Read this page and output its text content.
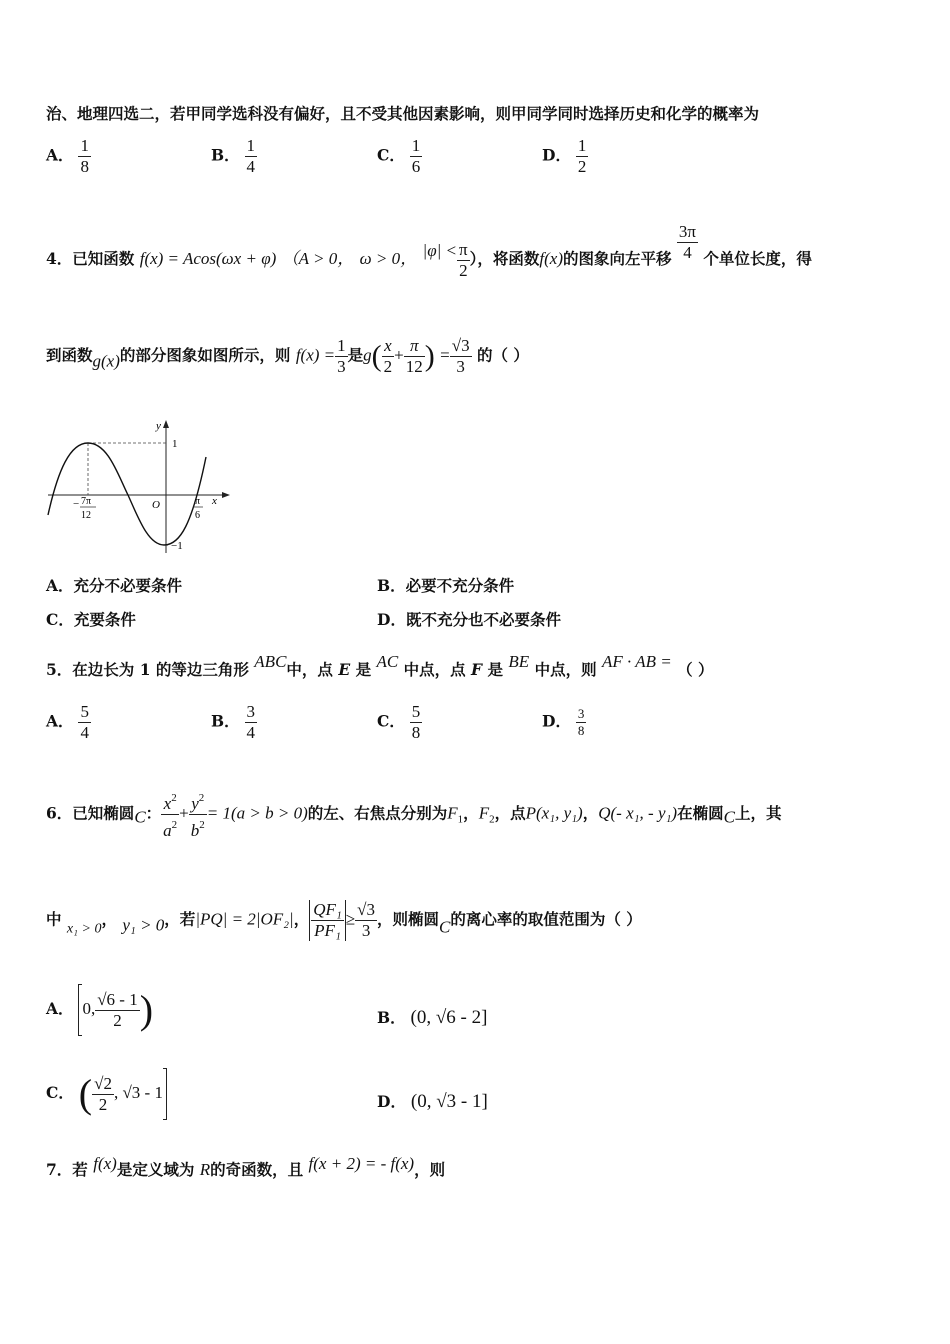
治、地理四选二，若甲同学选科没有偏好，且不受其他因素影响，则甲同学同时选择历史和化学的概率为
A． $\frac{1}{8}$	B． $\frac{1}{4}$	C． $\frac{1}{6}$	D． $\frac{1}{2}$
4．已知函数 f(x) = Acos(ωx + φ) （A > 0， ω > 0， $|\varphi| < \frac{\pi}{2}$ ），将函数f(x)的图象向左平移 $\frac{3\pi}{4}$ 个单位长度，得
到函数g(x)的部分图象如图所示，则 $f(x) = \frac{1}{3}$ 是$g( \frac{x}{2} + \frac{\pi}{12}$ ) = $\frac{√3}{3}$ 的（ ）
y
x
O
1
−1
− 7π
12
π
6
A．充分不必要条件	B．必要不充分条件
C．充要条件	D．既不充分也不必要条件
5．在边长为 1 的等边三角形 ABC中，点 E 是 AC 中点，点 F 是 BE 中点，则 AF · AB = （ ）
A． $\frac{5}{4}$	B． $\frac{3}{4}$	C． $\frac{5}{8}$	D． $\frac{3}{8}$
6．已知椭圆C： $\frac{x^2}{a^2} + \frac{y^2}{b^2} = 1(a > b > 0)$的左、右焦点分别为$F_1$，$F_2$，点P(x₁, y₁)，Q(- x₁, - y₁)在椭圆C上，其
中 x₁ > 0， y₁ > 0，若|PQ| = 2|OF₂|， $\frac{\text{QF₁}}{\text{PF₁}} \ge \frac{√3}{3}$ ，则椭圆C的离心率的取值范围为（ ）
A． 0, $\frac{√6 - 1}{2}$ )	B． (0, √6 - 2]
C． ( $\frac{√2}{2}$ , √3 - 1	D． (0, √3 - 1]
7．若 f(x)是定义域为 R的奇函数，且 f(x + 2) = - f(x)，则
